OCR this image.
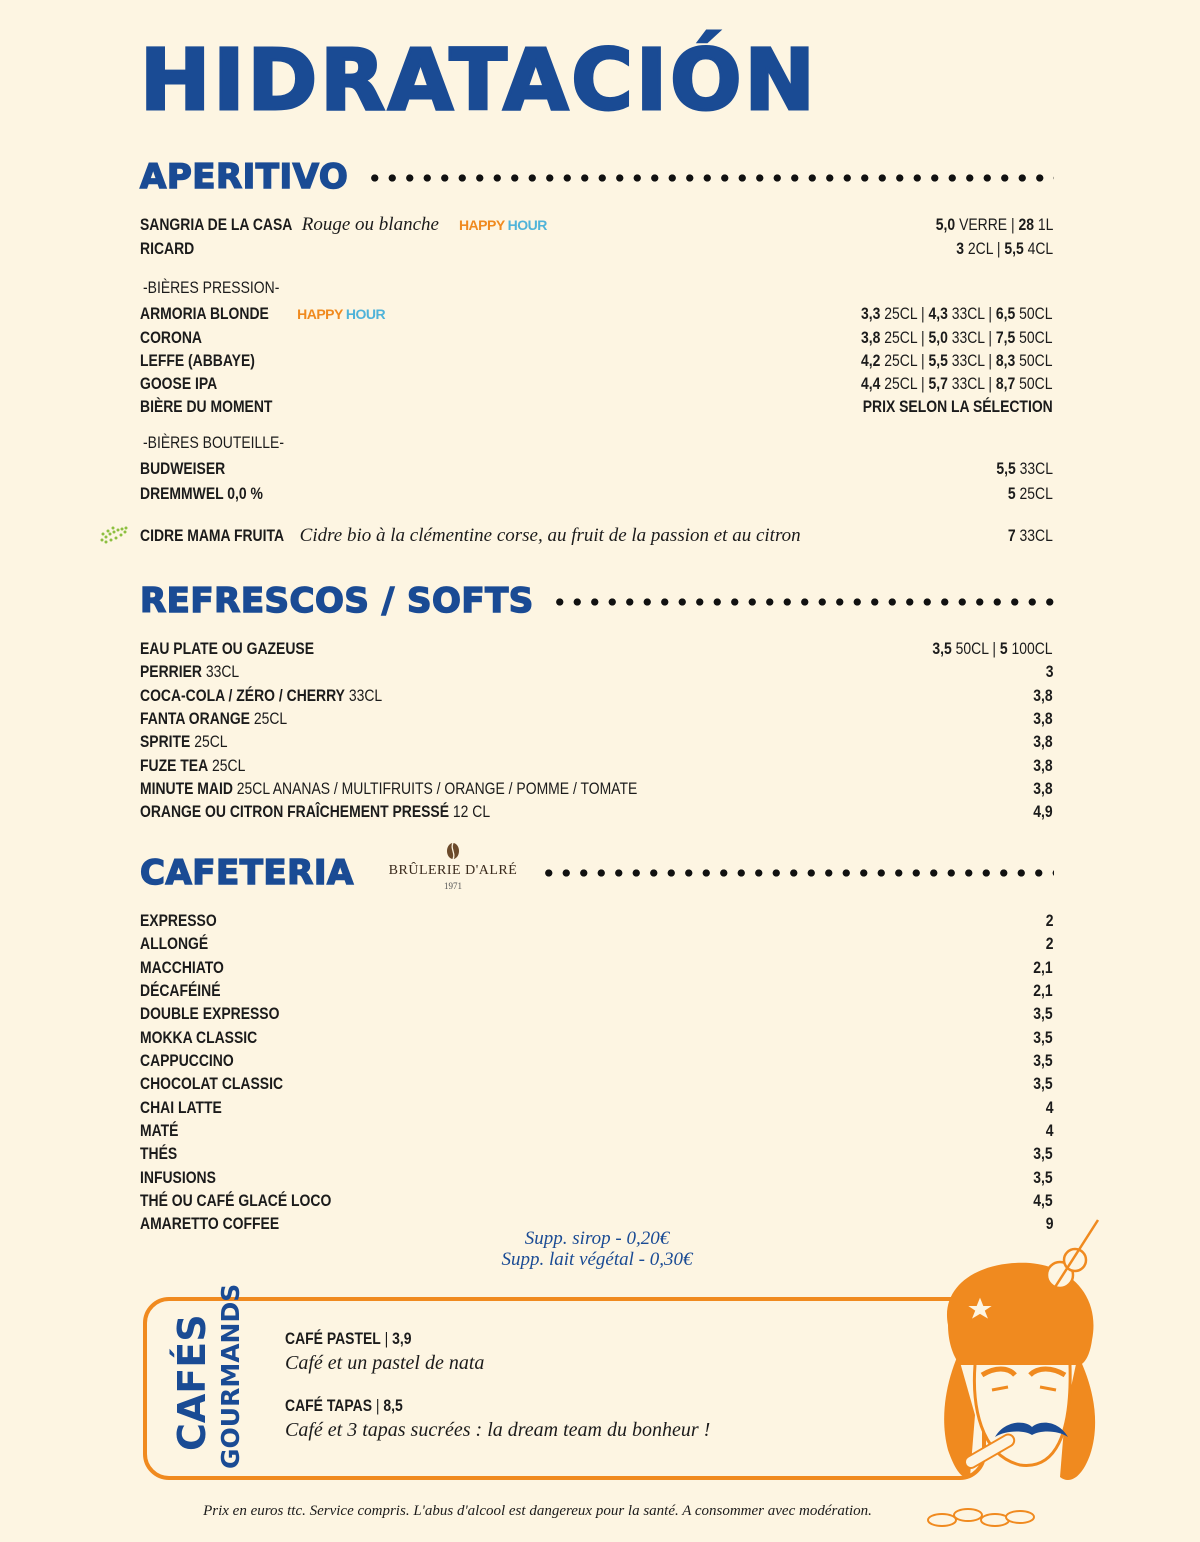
HIDRATACIÓN
APERITIVO
SANGRIA DE LA CASA Rouge ou blanche HAPPY HOUR	5,0 VERRE | 28 1L
RICARD	3 2CL | 5,5 4CL
-BIÈRES PRESSION-
ARMORIA BLONDE HAPPY HOUR	3,3 25CL | 4,3 33CL | 6,5 50CL
CORONA	3,8 25CL | 5,0 33CL | 7,5 50CL
LEFFE (ABBAYE)	4,2 25CL | 5,5 33CL | 8,3 50CL
GOOSE IPA	4,4 25CL | 5,7 33CL | 8,7 50CL
BIÈRE DU MOMENT	PRIX SELON LA SÉLECTION
-BIÈRES BOUTEILLE-
BUDWEISER	5,5 33CL
DREMMWEL 0,0 %	5 25CL
CIDRE MAMA FRUITA Cidre bio à la clémentine corse, au fruit de la passion et au citron	7 33CL
REFRESCOS / SOFTS
EAU PLATE OU GAZEUSE	3,5 50CL | 5 100CL
PERRIER 33CL	3
COCA-COLA / ZÉRO / CHERRY 33CL	3,8
FANTA ORANGE 25CL	3,8
SPRITE 25CL	3,8
FUZE TEA 25CL	3,8
MINUTE MAID 25CL ANANAS / MULTIFRUITS / ORANGE / POMME / TOMATE	3,8
ORANGE OU CITRON FRAÎCHEMENT PRESSÉ 12 CL	4,9
CAFETERIA	BRÛLERIE D'ALRÉ
1971
EXPRESSO	2
ALLONGÉ	2
MACCHIATO	2,1
DÉCAFÉINÉ	2,1
DOUBLE EXPRESSO	3,5
MOKKA CLASSIC	3,5
CAPPUCCINO	3,5
CHOCOLAT CLASSIC	3,5
CHAI LATTE	4
MATÉ	4
THÉS	3,5
INFUSIONS	3,5
THÉ OU CAFÉ GLACÉ LOCO	4,5
AMARETTO COFFEE	9
Supp. sirop - 0,20€
Supp. lait végétal - 0,30€
CAFÉS GOURMANDS CAFÉ PASTEL | 3,9
Café et un pastel de nata
CAFÉ TAPAS | 8,5
Café et 3 tapas sucrées : la dream team du bonheur !
Prix en euros ttc. Service compris. L'abus d'alcool est dangereux pour la santé. A consommer avec modération.
